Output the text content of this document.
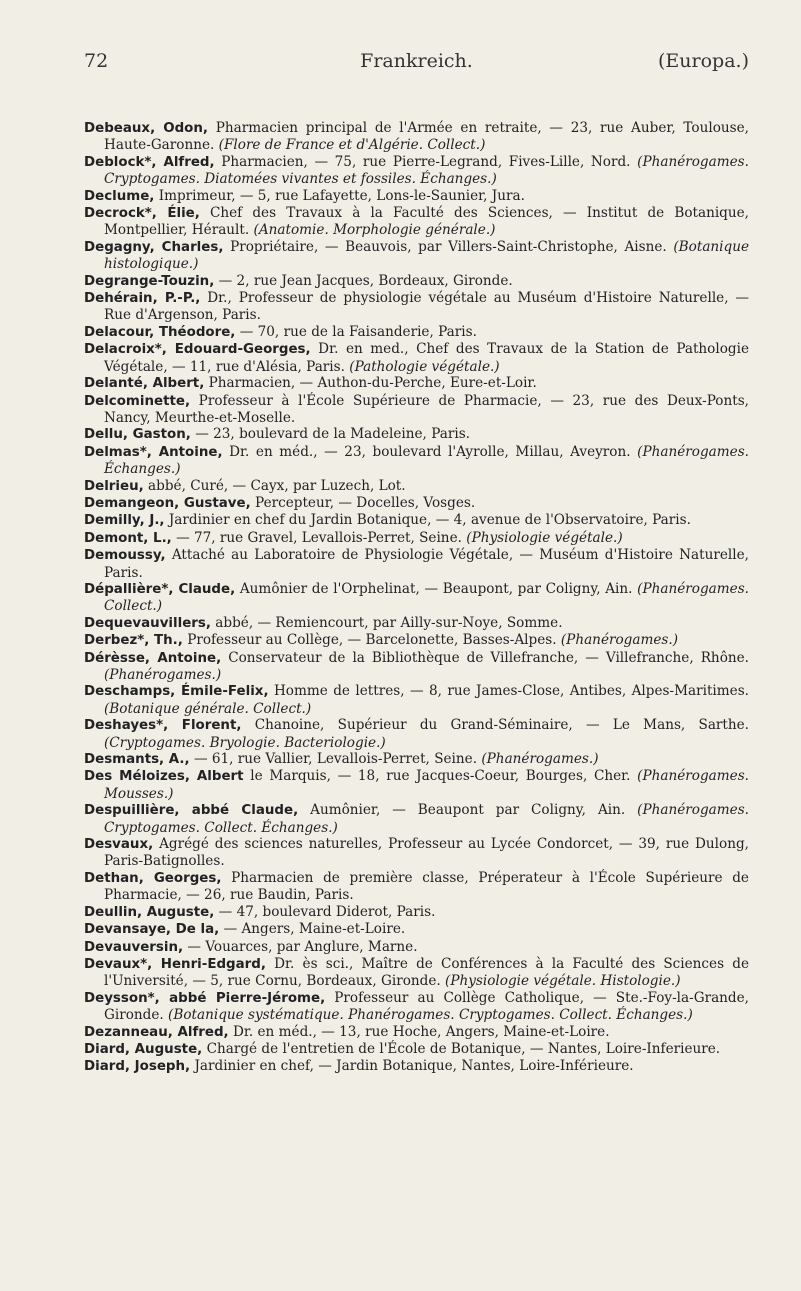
72	Frankreich.	(Europa.)
Debeaux, Odon, Pharmacien principal de l'Armée en retraite, — 23, rue Auber, Toulouse, Haute-Garonne. (Flore de France et d'Algérie. Collect.)
Deblock*, Alfred, Pharmacien, — 75, rue Pierre-Legrand, Fives-Lille, Nord. (Phanérogames. Cryptogames. Diatomées vivantes et fossiles. Échanges.)
Declume, Imprimeur, — 5, rue Lafayette, Lons-le-Saunier, Jura.
Decrock*, Élie, Chef des Travaux à la Faculté des Sciences, — Institut de Botanique, Montpellier, Hérault. (Anatomie. Morphologie générale.)
Degagny, Charles, Propriétaire, — Beauvois, par Villers-Saint-Christophe, Aisne. (Botanique histologique.)
Degrange-Touzin, — 2, rue Jean Jacques, Bordeaux, Gironde.
Dehérain, P.-P., Dr., Professeur de physiologie végétale au Muséum d'Histoire Naturelle, — Rue d'Argenson, Paris.
Delacour, Théodore, — 70, rue de la Faisanderie, Paris.
Delacroix*, Edouard-Georges, Dr. en med., Chef des Travaux de la Station de Pathologie Végétale, — 11, rue d'Alésia, Paris. (Pathologie végétale.)
Delanté, Albert, Pharmacien, — Authon-du-Perche, Eure-et-Loir.
Delcominette, Professeur à l'École Supérieure de Pharmacie, — 23, rue des Deux-Ponts, Nancy, Meurthe-et-Moselle.
Dellu, Gaston, — 23, boulevard de la Madeleine, Paris.
Delmas*, Antoine, Dr. en méd., — 23, boulevard l'Ayrolle, Millau, Aveyron. (Phanérogames. Échanges.)
Delrieu, abbé, Curé, — Cayx, par Luzech, Lot.
Demangeon, Gustave, Percepteur, — Docelles, Vosges.
Demilly, J., Jardinier en chef du Jardin Botanique, — 4, avenue de l'Observatoire, Paris.
Demont, L., — 77, rue Gravel, Levallois-Perret, Seine. (Physiologie végétale.)
Demoussy, Attaché au Laboratoire de Physiologie Végétale, — Muséum d'Histoire Naturelle, Paris.
Dépallière*, Claude, Aumônier de l'Orphelinat, — Beaupont, par Coligny, Ain. (Phanérogames. Collect.)
Dequevauvillers, abbé, — Remiencourt, par Ailly-sur-Noye, Somme.
Derbez*, Th., Professeur au Collège, — Barcelonette, Basses-Alpes. (Phanérogames.)
Dérèsse, Antoine, Conservateur de la Bibliothèque de Villefranche, — Villefranche, Rhône. (Phanérogames.)
Deschamps, Émile-Felix, Homme de lettres, — 8, rue James-Close, Antibes, Alpes-Maritimes. (Botanique générale. Collect.)
Deshayes*, Florent, Chanoine, Supérieur du Grand-Séminaire, — Le Mans, Sarthe. (Cryptogames. Bryologie. Bacteriologie.)
Desmants, A., — 61, rue Vallier, Levallois-Perret, Seine. (Phanérogames.)
Des Méloizes, Albert le Marquis, — 18, rue Jacques-Coeur, Bourges, Cher. (Phanérogames. Mousses.)
Despuillière, abbé Claude, Aumônier, — Beaupont par Coligny, Ain. (Phanérogames. Cryptogames. Collect. Échanges.)
Desvaux, Agrégé des sciences naturelles, Professeur au Lycée Condorcet, — 39, rue Dulong, Paris-Batignolles.
Dethan, Georges, Pharmacien de première classe, Préperateur à l'École Supérieure de Pharmacie, — 26, rue Baudin, Paris.
Deullin, Auguste, — 47, boulevard Diderot, Paris.
Devansaye, De la, — Angers, Maine-et-Loire.
Devauversin, — Vouarces, par Anglure, Marne.
Devaux*, Henri-Edgard, Dr. ès sci., Maître de Conférences à la Faculté des Sciences de l'Université, — 5, rue Cornu, Bordeaux, Gironde. (Physiologie végétale. Histologie.)
Deysson*, abbé Pierre-Jérome, Professeur au Collège Catholique, — Ste.-Foy-la-Grande, Gironde. (Botanique systématique. Phanérogames. Cryptogames. Collect. Échanges.)
Dezanneau, Alfred, Dr. en méd., — 13, rue Hoche, Angers, Maine-et-Loire.
Diard, Auguste, Chargé de l'entretien de l'École de Botanique, — Nantes, Loire-Inferieure.
Diard, Joseph, Jardinier en chef, — Jardin Botanique, Nantes, Loire-Inférieure.
